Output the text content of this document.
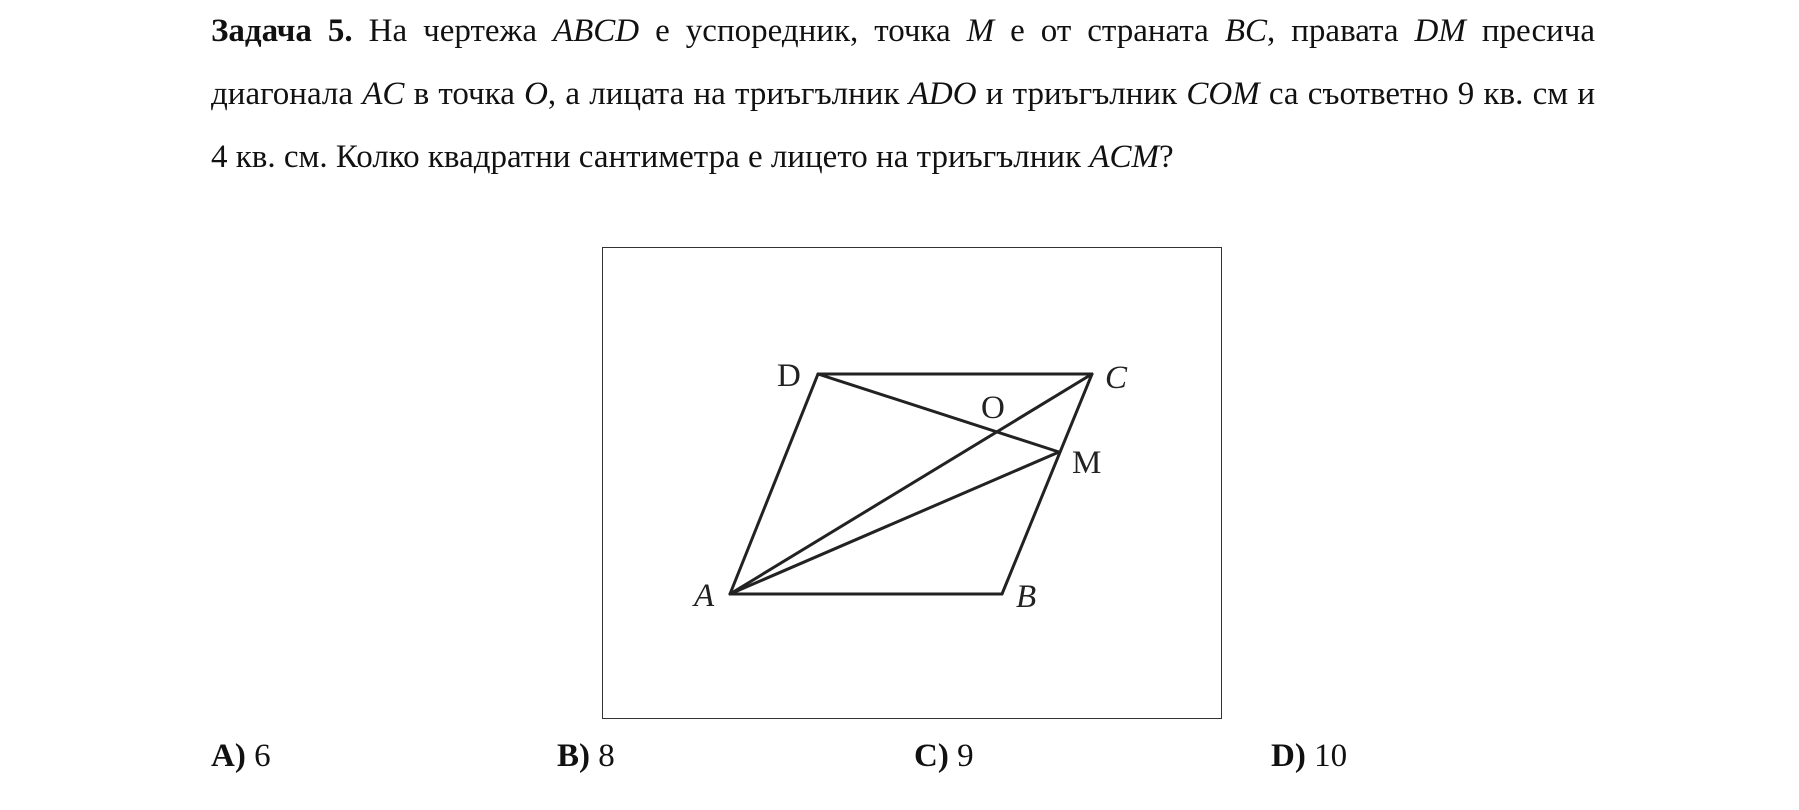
Задача 5. На чертежа ABCD е успоредник, точка M е от страната BC, правата DM пресича диагонала AC в точка O, а лицата на триъгълник ADO и триъгълник COM са съответно 9 кв. см и 4 кв. см. Колко квадратни сантиметра е лицето на триъгълник ACM?
D	C
O
M
A	B
A) 6	B) 8	C) 9	D) 10
